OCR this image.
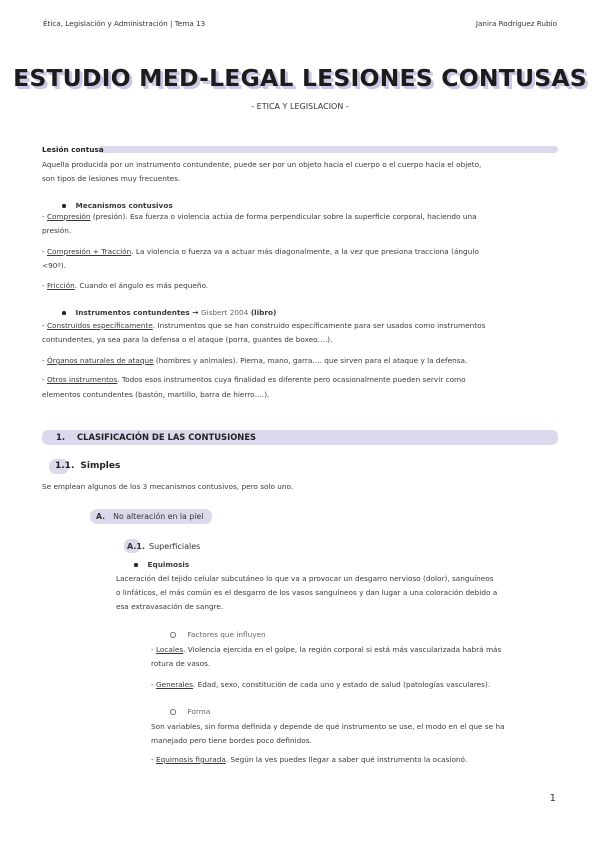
Ética, Legislación y Administración | Tema 13	Janira Rodríguez Rubio
ESTUDIO MED-LEGAL LESIONES CONTUSAS
- ETICA Y LEGISLACION -
Lesión contusa
Aquella producida por un instrumento contundente, puede ser por un objeto hacia el cuerpo o el cuerpo hacia el objeto,
son tipos de lesiones muy frecuentes.
Mecanismos contusivos
- Compresión (presión). Esa fuerza o violencia actúa de forma perpendicular sobre la superficie corporal, haciendo una
presión.
- Compresión + Tracción. La violencia o fuerza va a actuar más diagonalmente, a la vez que presiona tracciona (ángulo
<90º).
- Fricción. Cuando el ángulo es más pequeño.
Instrumentos contundentes → Gisbert 2004 (libro)
- Construidos específicamente. Instrumentos que se han construido específicamente para ser usados como instrumentos
contundentes, ya sea para la defensa o el ataque (porra, guantes de boxeo….).
- Órganos naturales de ataque (hombres y animales). Pierna, mano, garra…. que sirven para el ataque y la defensa.
- Otros instrumentos. Todos esos instrumentos cuya finalidad es diferente pero ocasionalmente pueden servir como
elementos contundentes (bastón, martillo, barra de hierro….).
1. CLASIFICACIÓN DE LAS CONTUSIONES
1.1. Simples
Se emplean algunos de los 3 mecanismos contusivos, pero solo uno.
A. No alteración en la piel
A.1. Superficiales
Equimosis
Laceración del tejido celular subcutáneo lo que va a provocar un desgarro nervioso (dolor), sanguíneos
o linfáticos, el más común es el desgarro de los vasos sanguíneos y dan lugar a una coloración debido a
esa extravasación de sangre.
Factores que influyen
- Locales. Violencia ejercida en el golpe, la región corporal si está más vascularizada habrá más
rotura de vasos.
- Generales. Edad, sexo, constitución de cada uno y estado de salud (patologías vasculares).
Forma
Son variables, sin forma definida y depende de qué instrumento se use, el modo en el que se ha
manejado pero tiene bordes poco definidos.
- Equimosis figurada. Según la ves puedes llegar a saber qué instrumento la ocasionó.
1
